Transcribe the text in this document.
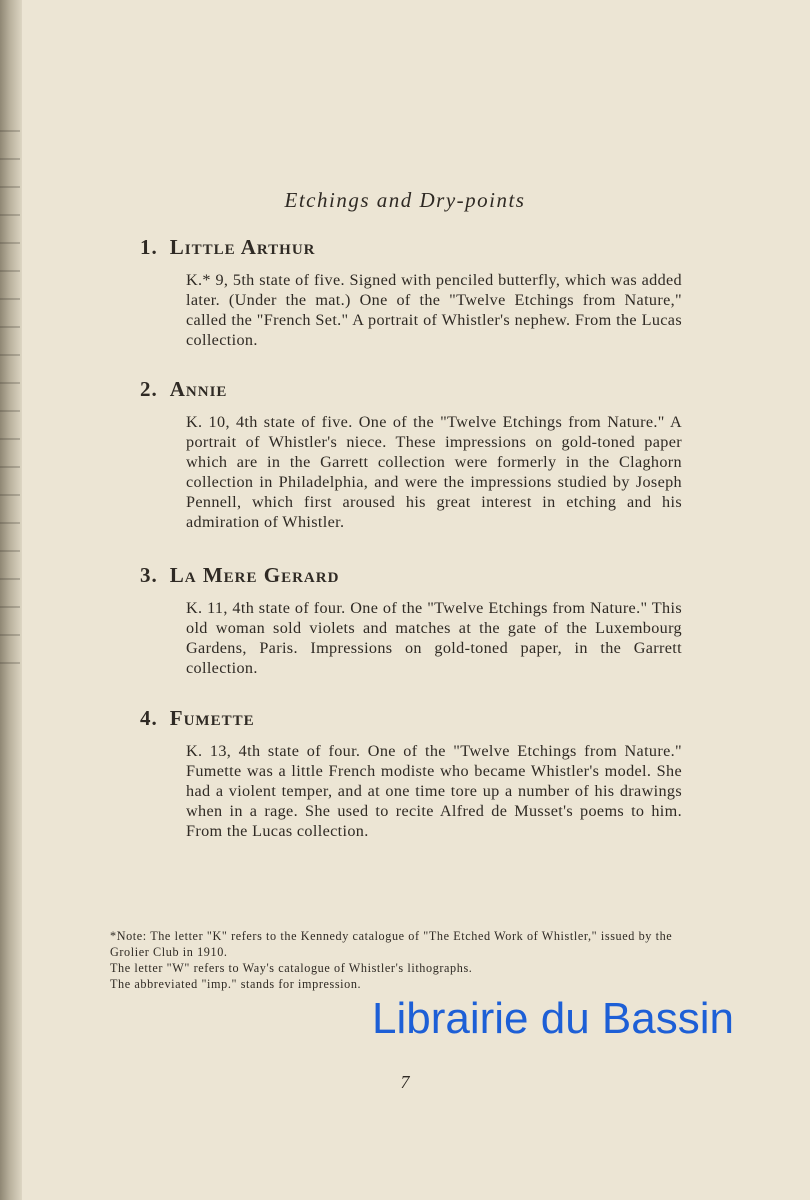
Etchings and Dry-points
1. Little Arthur

K.* 9, 5th state of five. Signed with penciled butterfly, which was added later. (Under the mat.) One of the "Twelve Etchings from Nature," called the "French Set." A portrait of Whistler's nephew. From the Lucas collection.

2. Annie

K. 10, 4th state of five. One of the "Twelve Etchings from Nature." A portrait of Whistler's niece. These impressions on gold-toned paper which are in the Garrett collection were formerly in the Claghorn collection in Philadelphia, and were the impressions studied by Joseph Pennell, which first aroused his great interest in etching and his admiration of Whistler.

3. La Mere Gerard

K. 11, 4th state of four. One of the "Twelve Etchings from Nature." This old woman sold violets and matches at the gate of the Luxembourg Gardens, Paris. Impressions on gold-toned paper, in the Garrett collection.

4. Fumette

K. 13, 4th state of four. One of the "Twelve Etchings from Nature." Fumette was a little French modiste who became Whistler's model. She had a violent temper, and at one time tore up a number of his drawings when in a rage. She used to recite Alfred de Musset's poems to him. From the Lucas collection.

*Note: The letter "K" refers to the Kennedy catalogue of "The Etched Work of Whistler," issued by the Grolier Club in 1910.

The letter "W" refers to Way's catalogue of Whistler's lithographs.

The abbreviated "imp." stands for impression.

Librairie du Bassin
7
